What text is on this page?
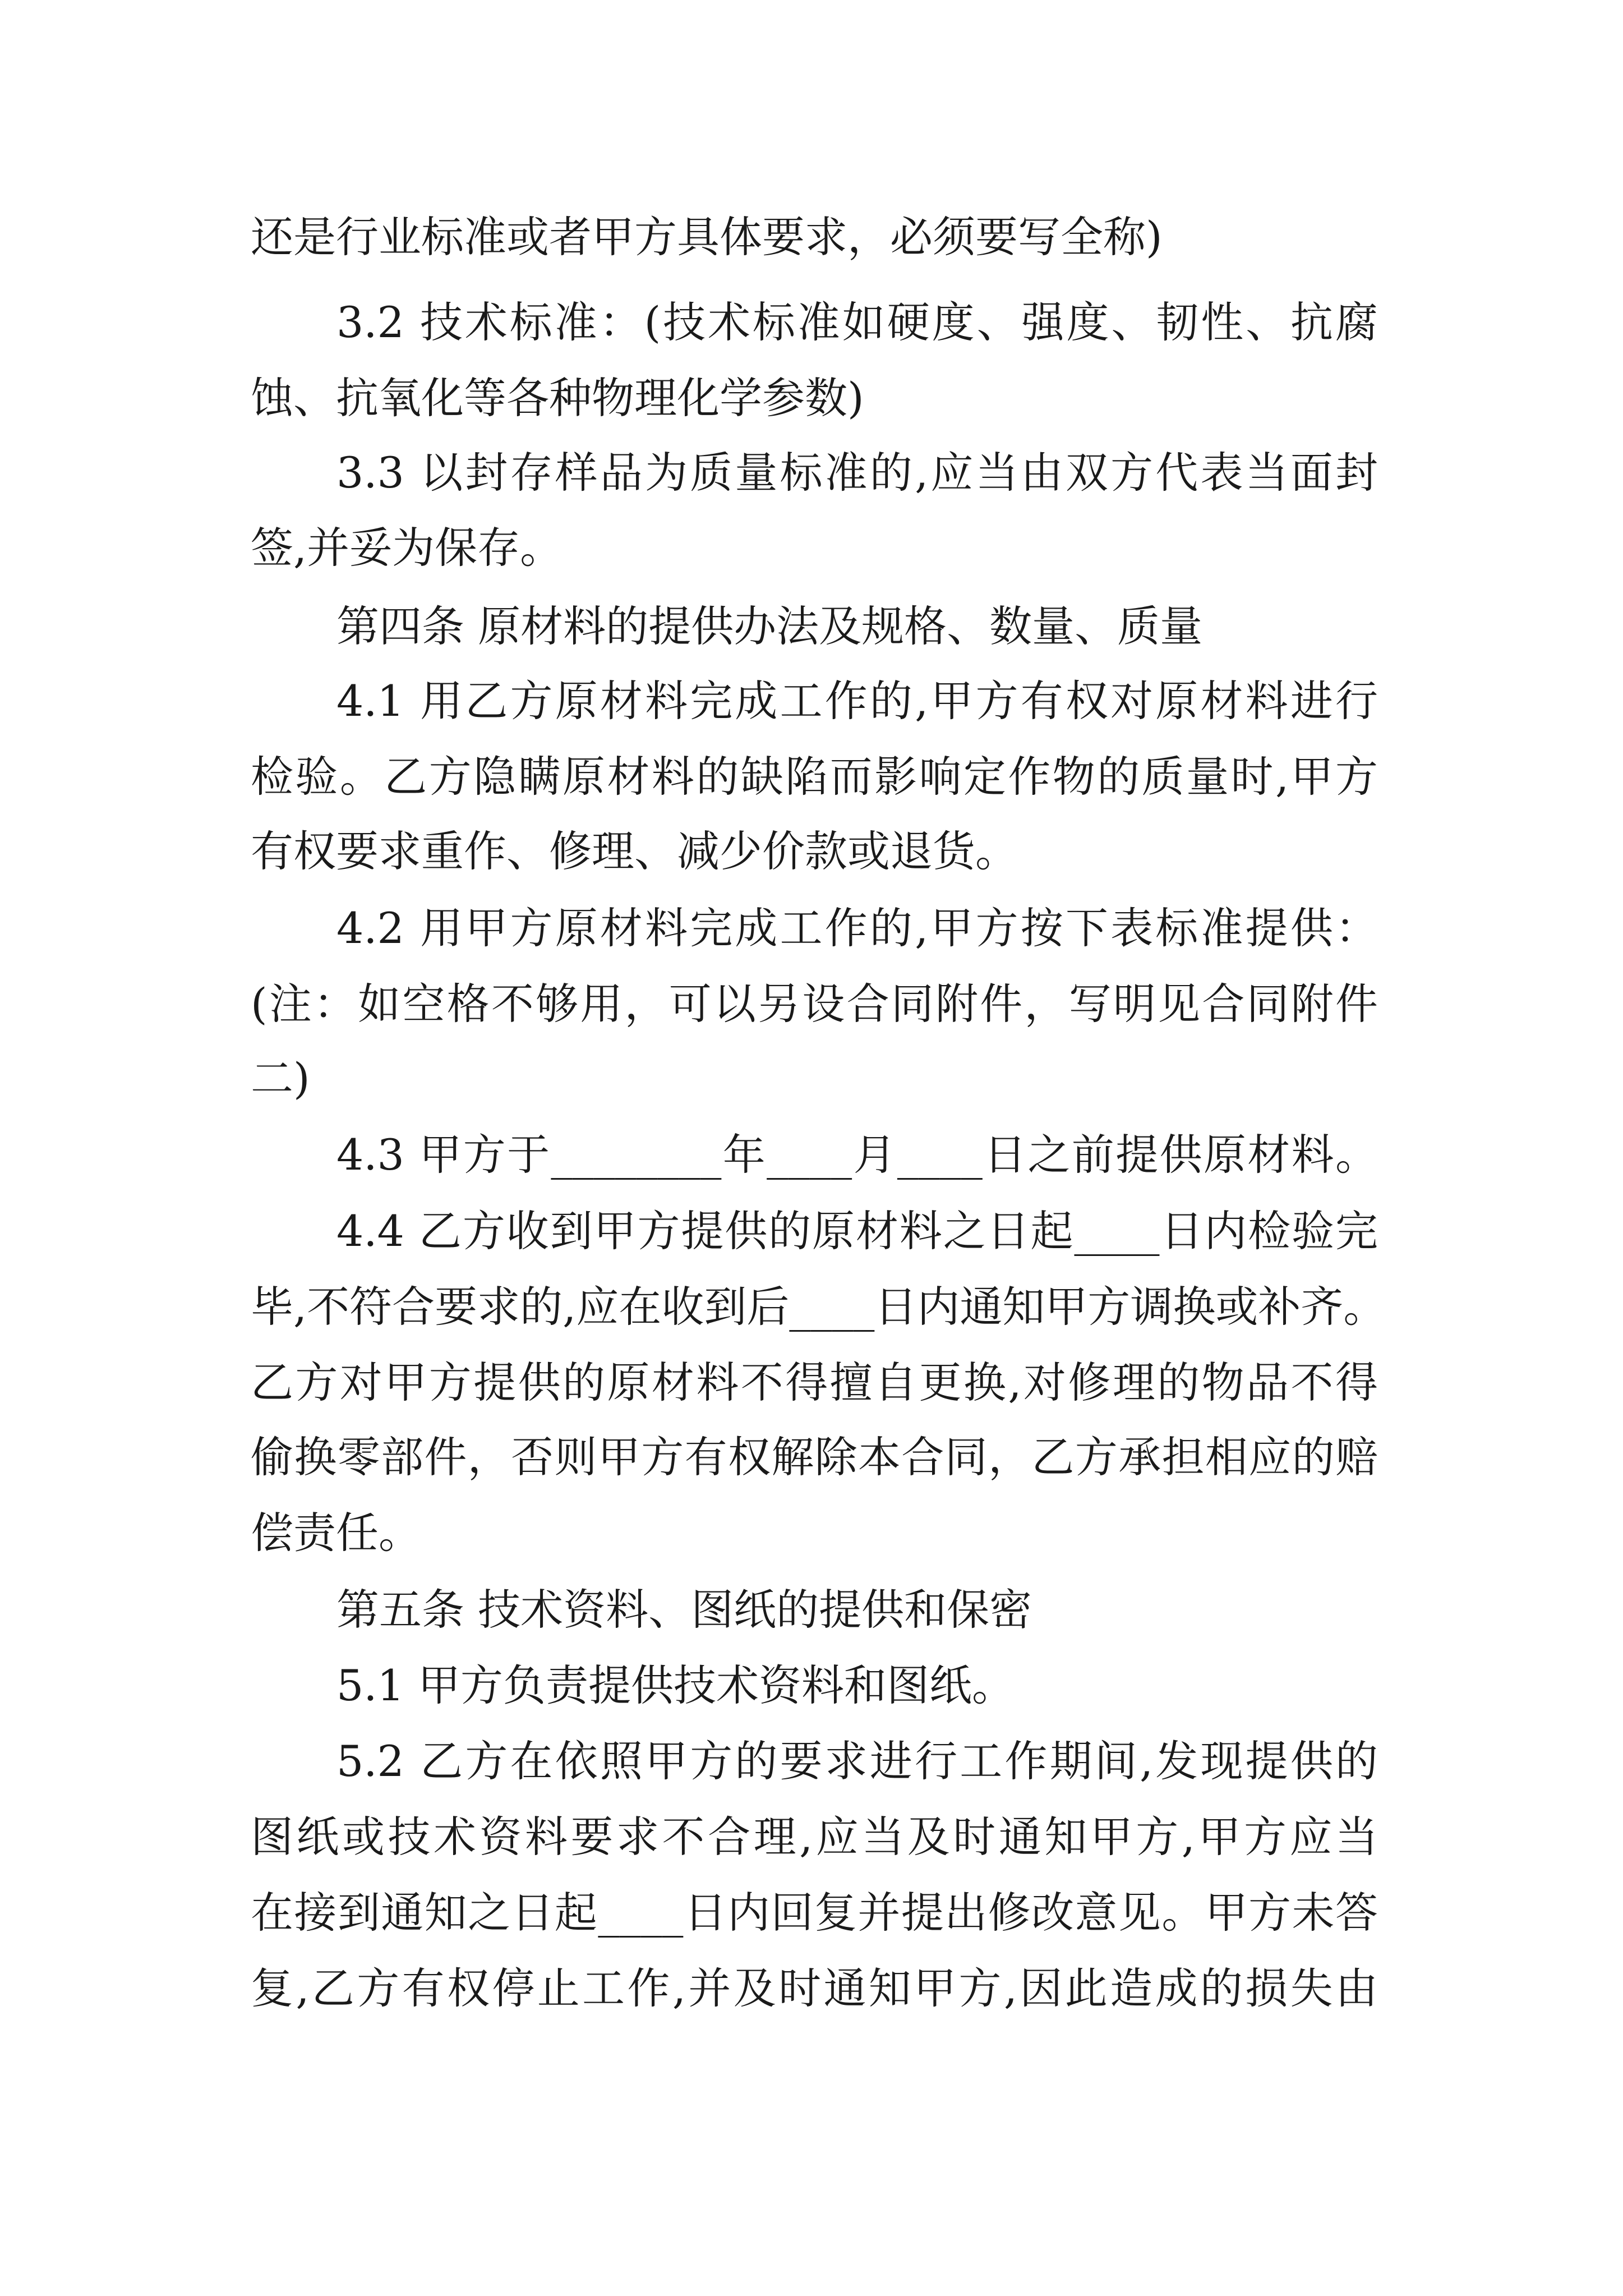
还是行业标准或者甲方具体要求，必须要写全称)
3.2 技术标准：(技术标准如硬度、强度、韧性、抗腐
蚀、抗氧化等各种物理化学参数)
3.3 以封存样品为质量标准的,应当由双方代表当面封
签,并妥为保存。
第四条 原材料的提供办法及规格、数量、质量
4.1 用乙方原材料完成工作的,甲方有权对原材料进行
检验。乙方隐瞒原材料的缺陷而影响定作物的质量时,甲方
有权要求重作、修理、减少价款或退货。
4.2 用甲方原材料完成工作的,甲方按下表标准提供：
(注：如空格不够用，可以另设合同附件，写明见合同附件
二)
4.3 甲方于________年____月____日之前提供原材料。
4.4 乙方收到甲方提供的原材料之日起____日内检验完
毕,不符合要求的,应在收到后____日内通知甲方调换或补齐。
乙方对甲方提供的原材料不得擅自更换,对修理的物品不得
偷换零部件，否则甲方有权解除本合同，乙方承担相应的赔
偿责任。
第五条 技术资料、图纸的提供和保密
5.1 甲方负责提供技术资料和图纸。
5.2 乙方在依照甲方的要求进行工作期间,发现提供的
图纸或技术资料要求不合理,应当及时通知甲方,甲方应当
在接到通知之日起____日内回复并提出修改意见。甲方未答
复,乙方有权停止工作,并及时通知甲方,因此造成的损失由
